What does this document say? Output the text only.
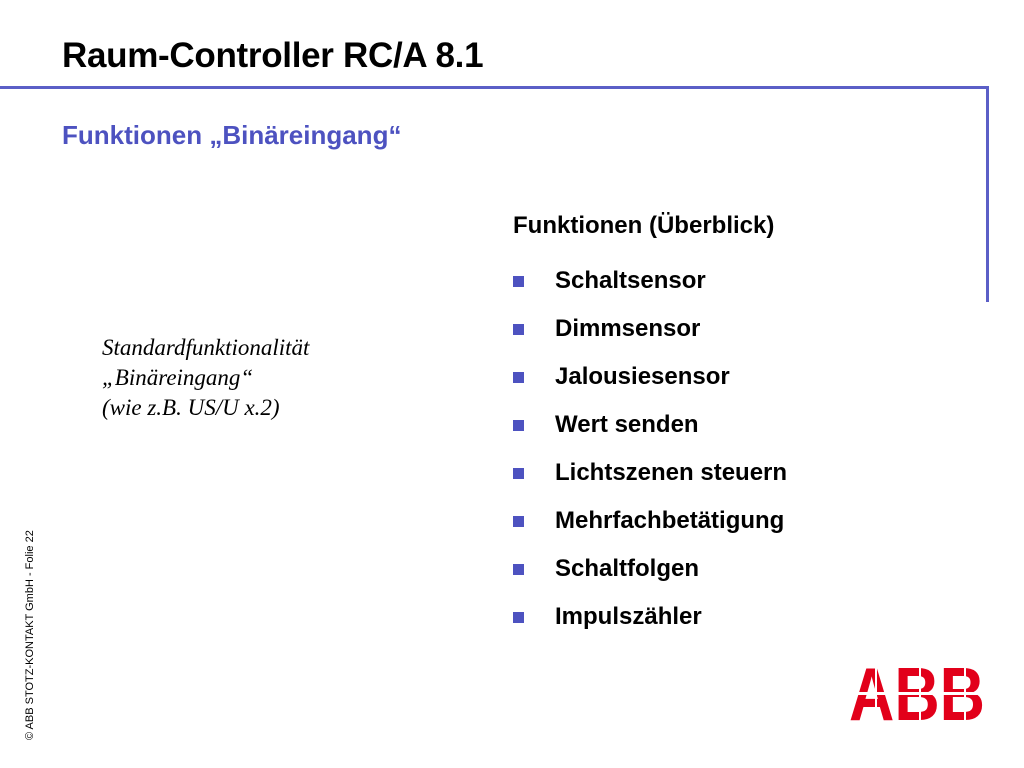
Raum-Controller RC/A 8.1
Funktionen „Binäreingang“
Standardfunktionalität
„Binäreingang“
(wie z.B. US/U x.2)
Funktionen (Überblick)
Schaltsensor
Dimmsensor
Jalousiesensor
Wert senden
Lichtszenen steuern
Mehrfachbetätigung
Schaltfolgen
Impulszähler
© ABB STOTZ-KONTAKT GmbH - Folie 22
